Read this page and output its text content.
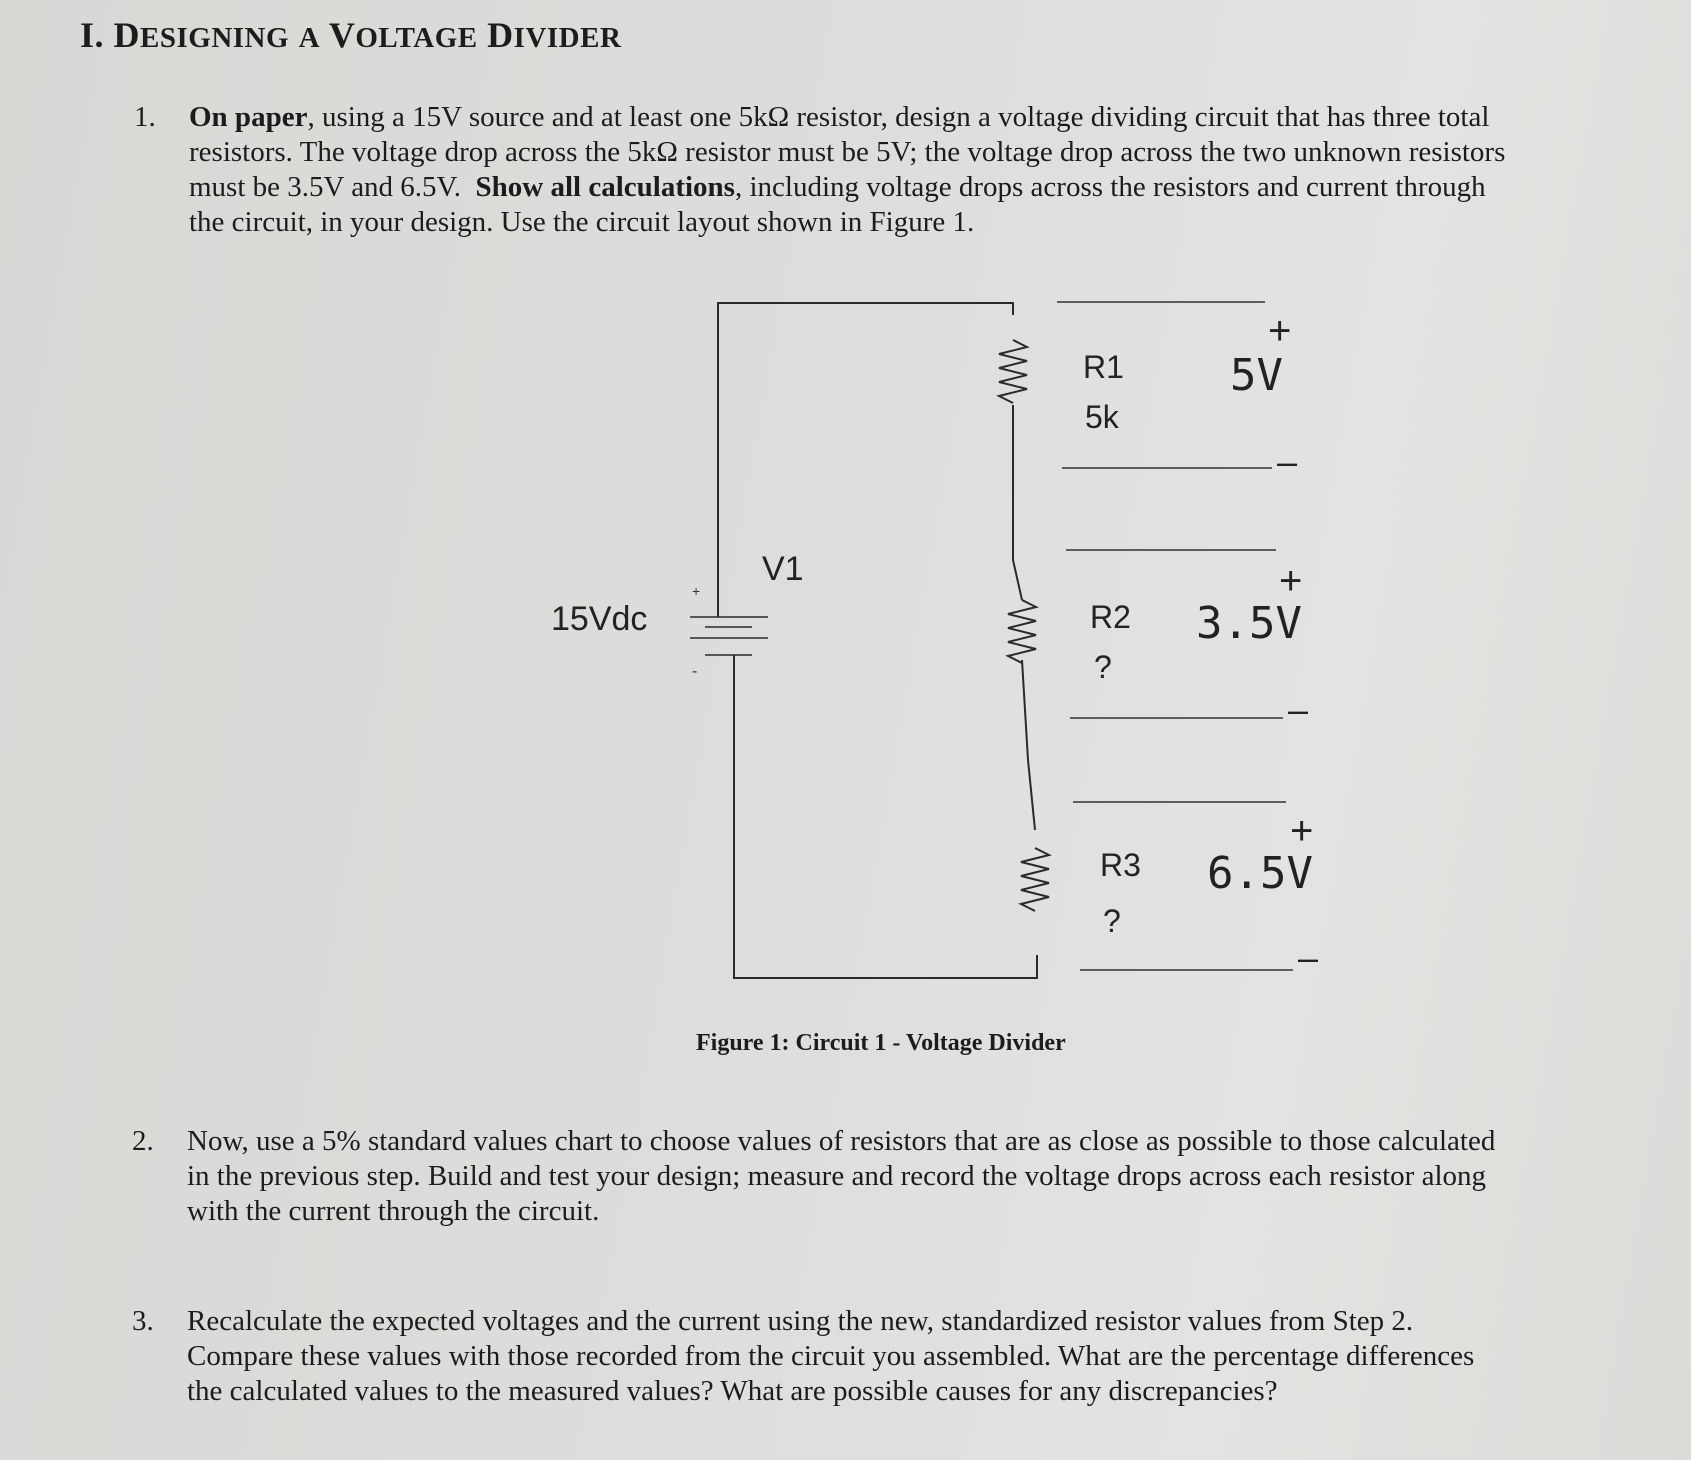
I. DESIGNING A VOLTAGE DIVIDER
1. On paper, using a 15V source and at least one 5kΩ resistor, design a voltage dividing circuit that has three total
resistors. The voltage drop across the 5kΩ resistor must be 5V; the voltage drop across the two unknown resistors
must be 3.5V and 6.5V.  Show all calculations, including voltage drops across the resistors and current through
the circuit, in your design. Use the circuit layout shown in Figure 1.
15Vdc
V1
+
-
R1
5k
R2
?
R3
?
5V
3.5V
6.5V
+
–
+
–
+
–
Figure 1: Circuit 1 - Voltage Divider
2. Now, use a 5% standard values chart to choose values of resistors that are as close as possible to those calculated
in the previous step. Build and test your design; measure and record the voltage drops across each resistor along
with the current through the circuit.
3. Recalculate the expected voltages and the current using the new, standardized resistor values from Step 2.
Compare these values with those recorded from the circuit you assembled. What are the percentage differences
the calculated values to the measured values? What are possible causes for any discrepancies?
